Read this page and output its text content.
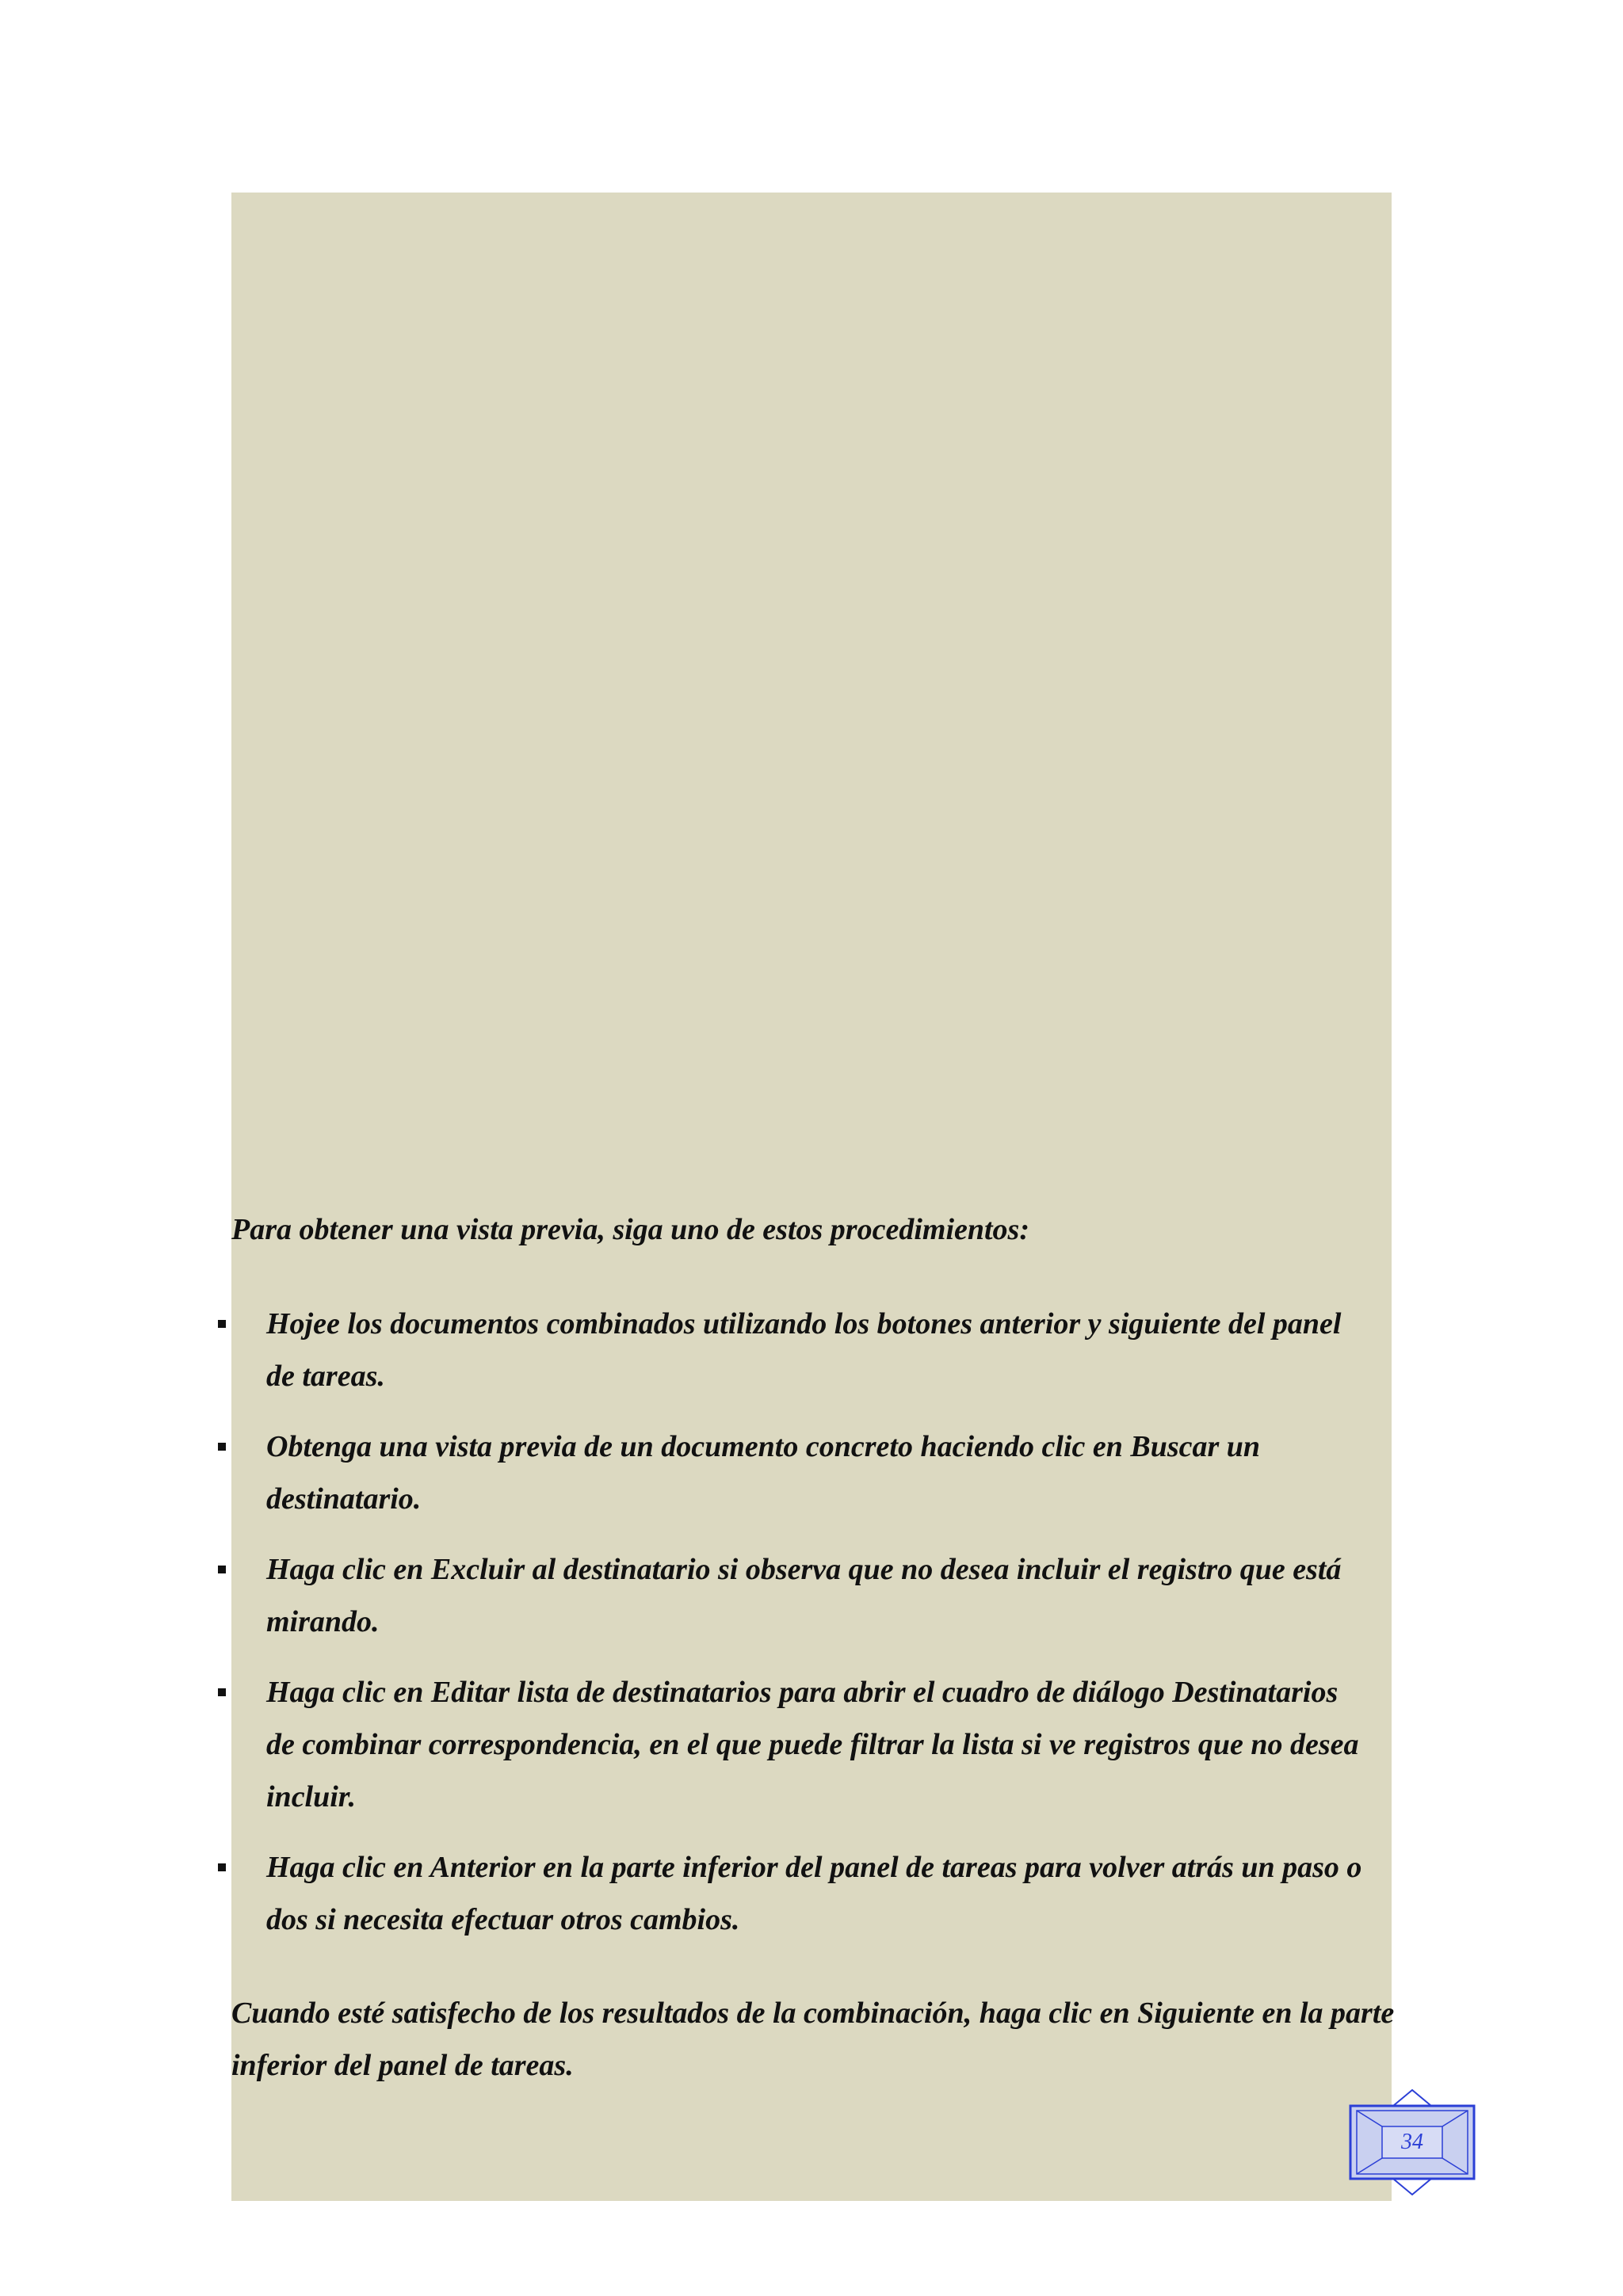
Para obtener una vista previa, siga uno de estos procedimientos:

Hojee los documentos combinados utilizando los botones anterior y siguiente del panel de tareas.
Obtenga una vista previa de un documento concreto haciendo clic en Buscar un destinatario.
Haga clic en Excluir al destinatario si observa que no desea incluir el registro que está mirando.
Haga clic en Editar lista de destinatarios para abrir el cuadro de diálogo Destinatarios de combinar correspondencia, en el que puede filtrar la lista si ve registros que no desea incluir.
Haga clic en Anterior en la parte inferior del panel de tareas para volver atrás un paso o dos si necesita efectuar otros cambios.

Cuando esté satisfecho de los resultados de la combinación, haga clic en Siguiente en la parte inferior del panel de tareas.

34
